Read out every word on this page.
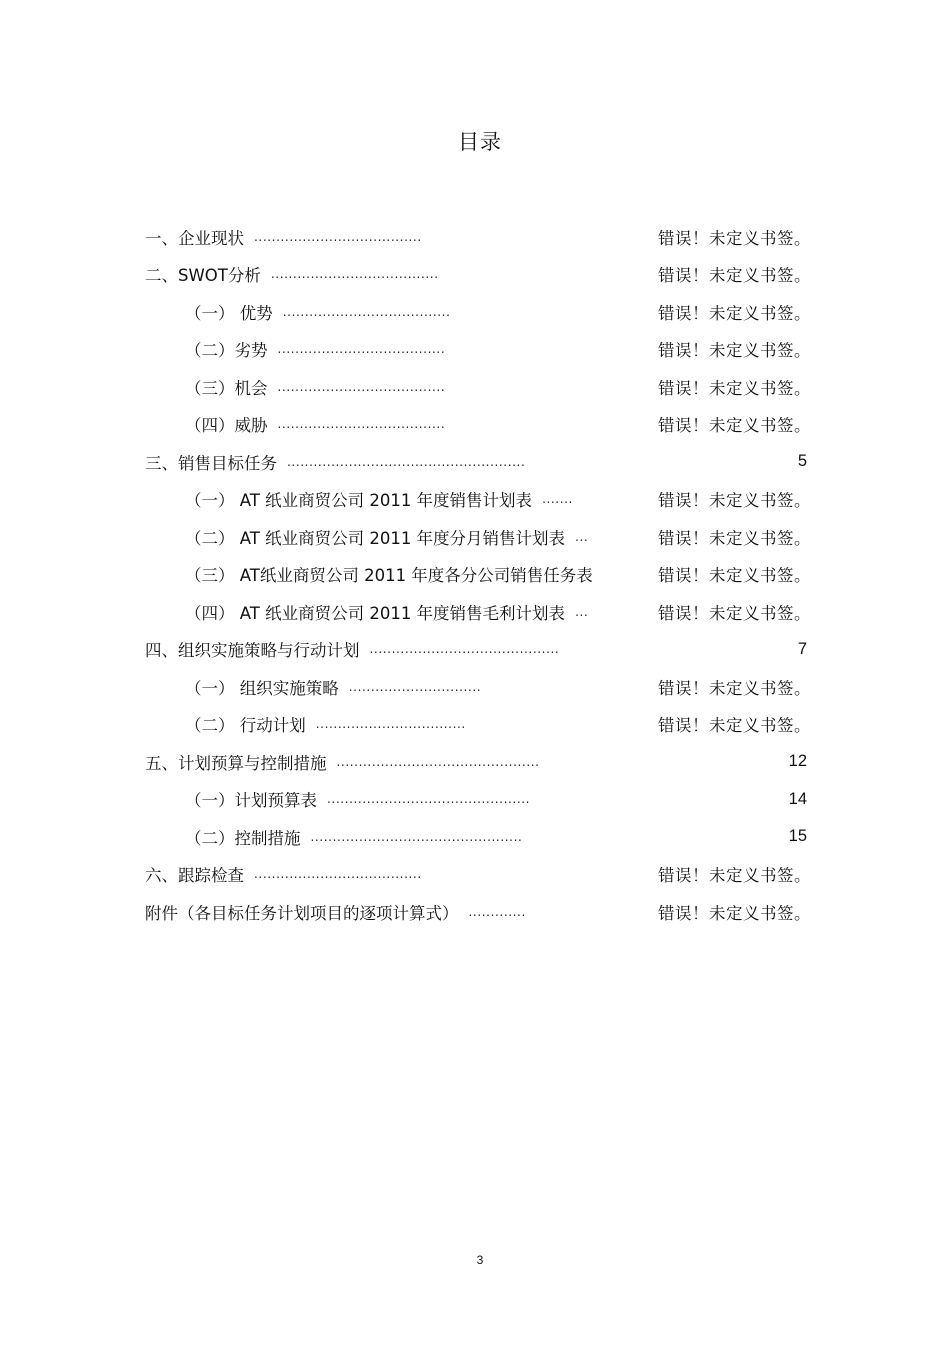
目录
一、企业现状 ......................................	错误！未定义书签。
二、SWOT分析 ......................................	错误！未定义书签。
（一） 优势 ......................................	错误！未定义书签。
（二）劣势 ......................................	错误！未定义书签。
（三）机会 ......................................	错误！未定义书签。
（四）威胁 ......................................	错误！未定义书签。
三、销售目标任务 ......................................................	5
（一） AT 纸业商贸公司 2011 年度销售计划表 .......	错误！未定义书签。
（二） AT 纸业商贸公司 2011 年度分月销售计划表 ...	错误！未定义书签。
（三） AT纸业商贸公司 2011 年度各分公司销售任务表	错误！未定义书签。
（四） AT 纸业商贸公司 2011 年度销售毛利计划表 ...	错误！未定义书签。
四、组织实施策略与行动计划 ...........................................	7
（一） 组织实施策略 ..............................	错误！未定义书签。
（二） 行动计划 ..................................	错误！未定义书签。
五、计划预算与控制措施 ..............................................	12
（一）计划预算表 ..............................................	14
（二）控制措施 ................................................	15
六、跟踪检查 ......................................	错误！未定义书签。
附件（各目标任务计划项目的逐项计算式） .............	错误！未定义书签。
3
